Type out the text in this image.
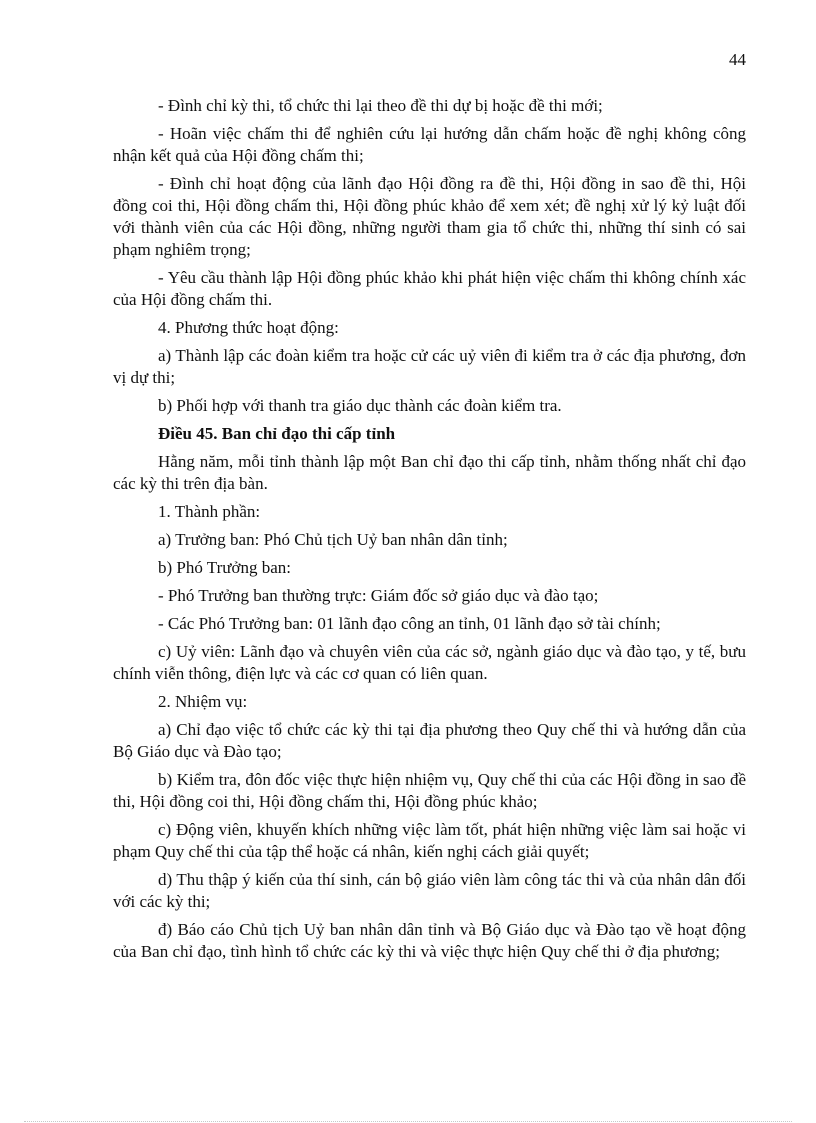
44

- Đình chỉ kỳ thi, tổ chức thi lại theo đề thi dự bị hoặc đề thi mới;

- Hoãn việc chấm thi để nghiên cứu lại hướng dẫn chấm hoặc đề nghị không công nhận kết quả của Hội đồng chấm thi;

- Đình chỉ hoạt động của lãnh đạo Hội đồng ra đề thi, Hội đồng in sao đề thi, Hội đồng coi thi, Hội đồng chấm thi, Hội đồng phúc khảo để xem xét; đề nghị xử lý kỷ luật đối với thành viên của các Hội đồng, những người tham gia tổ chức thi, những thí sinh có sai phạm nghiêm trọng;

- Yêu cầu thành lập Hội đồng phúc khảo khi phát hiện việc chấm thi không chính xác của Hội đồng chấm thi.

4. Phương thức hoạt động:

a) Thành lập các đoàn kiểm tra hoặc cử các uỷ viên đi kiểm tra ở các địa phương, đơn vị dự thi;

b) Phối hợp với thanh tra giáo dục thành các đoàn kiểm tra.

Điều 45. Ban chỉ đạo thi cấp tỉnh

Hằng năm, mỗi tỉnh thành lập một Ban chỉ đạo thi cấp tỉnh, nhằm thống nhất chỉ đạo các kỳ thi trên địa bàn.

1. Thành phần:

a) Trưởng ban: Phó Chủ tịch Uỷ ban nhân dân tỉnh;

b) Phó Trưởng ban:

- Phó Trưởng ban thường trực: Giám đốc sở giáo dục và đào tạo;

- Các Phó Trưởng ban: 01 lãnh đạo công an tỉnh, 01 lãnh đạo sở tài chính;

c) Uỷ viên: Lãnh đạo và chuyên viên của các sở, ngành giáo dục và đào tạo, y tế, bưu chính viễn thông, điện lực và các cơ quan có liên quan.

2. Nhiệm vụ:

a) Chỉ đạo việc tổ chức các kỳ thi tại địa phương theo Quy chế thi và hướng dẫn của Bộ Giáo dục và Đào tạo;

b) Kiểm tra, đôn đốc việc thực hiện nhiệm vụ, Quy chế thi của các Hội đồng in sao đề thi, Hội đồng coi thi, Hội đồng chấm thi, Hội đồng phúc khảo;

c) Động viên, khuyến khích những việc làm tốt, phát hiện những việc làm sai hoặc vi phạm Quy chế thi của tập thể hoặc cá nhân, kiến nghị cách giải quyết;

d) Thu thập ý kiến của thí sinh, cán bộ giáo viên làm công tác thi và của nhân dân đối với các kỳ thi;

đ) Báo cáo Chủ tịch Uỷ ban nhân dân tỉnh và Bộ Giáo dục và Đào tạo về hoạt động của Ban chỉ đạo, tình hình tổ chức các kỳ thi và việc thực hiện Quy chế thi ở địa phương;
